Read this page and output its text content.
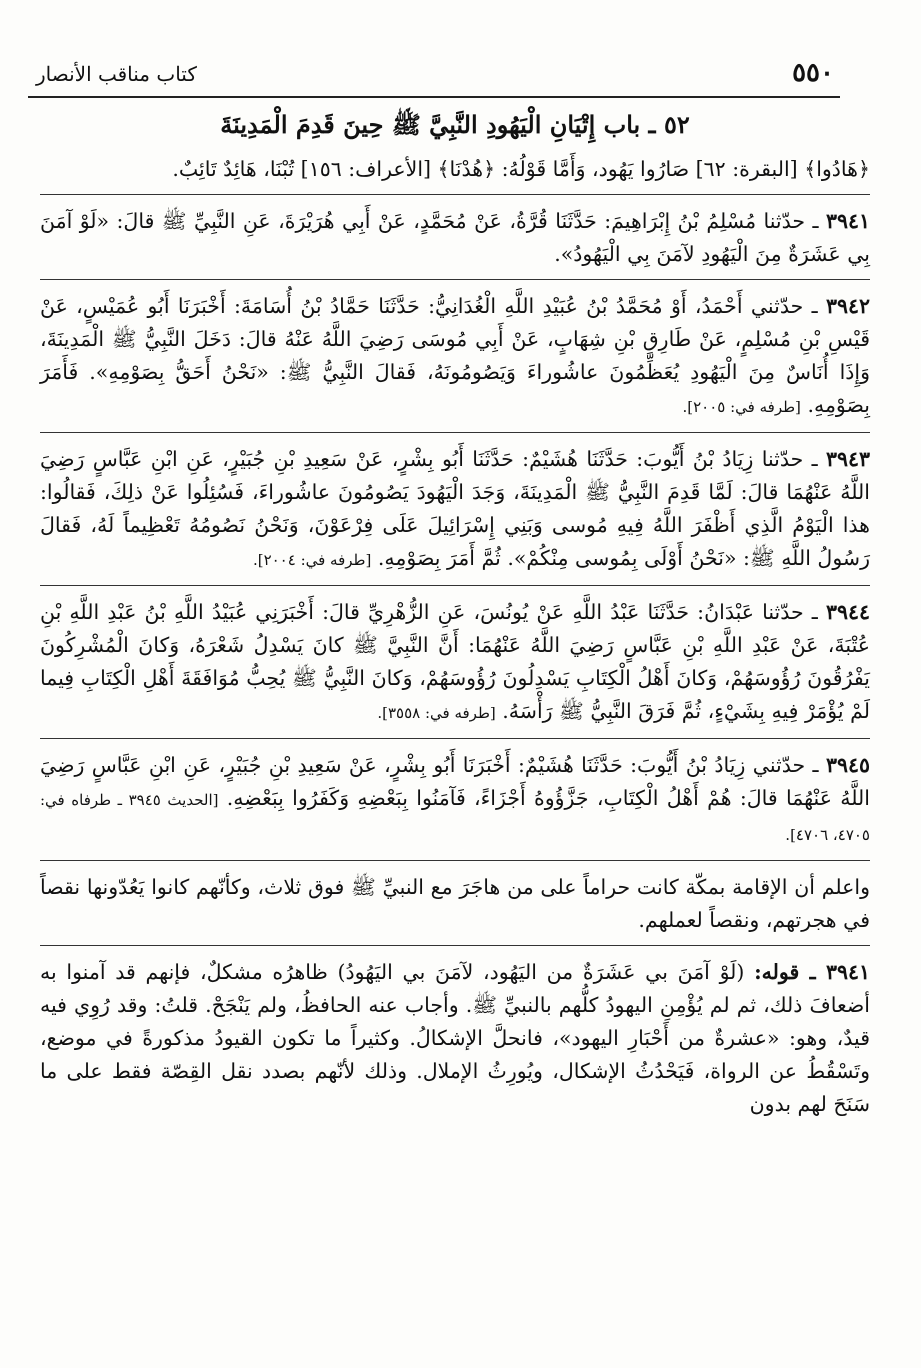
٥٥٠
كتاب مناقب الأنصار
٥٢ ـ باب إِتْيَانِ الْيَهُودِ النَّبِيَّ ﷺ حِينَ قَدِمَ الْمَدِينَةَ

﴿هَادُوا﴾ [البقرة: ٦٢] صَارُوا يَهُود، وَأَمَّا قَوْلُهُ: ﴿هُدْنَا﴾ [الأعراف: ١٥٦] تُبْنَا، هَائِدٌ تَائِبٌ.

٣٩٤١ ـ حدّثنا مُسْلِمُ بْنُ إِبْرَاهِيمَ: حَدَّثَنَا قُرَّةُ، عَنْ مُحَمَّدٍ، عَنْ أَبِي هُرَيْرَةَ، عَنِ النَّبِيِّ ﷺ قالَ: «لَوْ آمَنَ بِي عَشَرَةٌ مِنَ الْيَهُودِ لآمَنَ بِي الْيَهُودُ».

٣٩٤٢ ـ حدّثني أَحْمَدُ، أَوْ مُحَمَّدُ بْنُ عُبَيْدِ اللَّهِ الْغُدَانِيُّ: حَدَّثَنَا حَمَّادُ بْنُ أُسَامَةَ: أَخْبَرَنَا أَبُو عُمَيْسٍ، عَنْ قَيْسِ بْنِ مُسْلِمٍ، عَنْ طَارِقِ بْنِ شِهَابٍ، عَنْ أَبِي مُوسَى رَضِيَ اللَّهُ عَنْهُ قالَ: دَخَلَ النَّبِيُّ ﷺ الْمَدِينَةَ، وَإِذَا أُنَاسٌ مِنَ الْيَهُودِ يُعَظِّمُونَ عاشُوراءَ وَيَصُومُونَهُ، فَقالَ النَّبِيُّ ﷺ: «نَحْنُ أَحَقُّ بِصَوْمِهِ». فَأَمَرَ بِصَوْمِهِ. [طرفه في: ٢٠٠٥].

٣٩٤٣ ـ حدّثنا زِيَادُ بْنُ أَيُّوبَ: حَدَّثَنَا هُشَيْمٌ: حَدَّثَنَا أَبُو بِشْرٍ، عَنْ سَعِيدِ بْنِ جُبَيْرٍ، عَنِ ابْنِ عَبَّاسٍ رَضِيَ اللَّهُ عَنْهُمَا قالَ: لَمَّا قَدِمَ النَّبِيُّ ﷺ الْمَدِينَةَ، وَجَدَ الْيَهُودَ يَصُومُونَ عاشُوراءَ، فَسُئِلُوا عَنْ ذلِكَ، فَقالُوا: هذا الْيَوْمُ الَّذِي أَظْفَرَ اللَّهُ فِيهِ مُوسى وَبَنِي إِسْرَائِيلَ عَلَى فِرْعَوْنَ، وَنَحْنُ نَصُومُهُ تَعْظِيماً لَهُ، فَقالَ رَسُولُ اللَّهِ ﷺ: «نَحْنُ أَوْلَى بِمُوسى مِنْكُمْ». ثُمَّ أَمَرَ بِصَوْمِهِ. [طرفه في: ٢٠٠٤].

٣٩٤٤ ـ حدّثنا عَبْدَانُ: حَدَّثَنَا عَبْدُ اللَّهِ عَنْ يُونُسَ، عَنِ الزُّهْرِيِّ قالَ: أَخْبَرَنِي عُبَيْدُ اللَّهِ بْنُ عَبْدِ اللَّهِ بْنِ عُتْبَةَ، عَنْ عَبْدِ اللَّهِ بْنِ عَبَّاسٍ رَضِيَ اللَّهُ عَنْهُمَا: أَنَّ النَّبِيَّ ﷺ كانَ يَسْدِلُ شَعْرَهُ، وَكانَ الْمُشْرِكُونَ يَفْرُقُونَ رُؤُوسَهُمْ، وَكانَ أَهْلُ الْكِتَابِ يَسْدِلُونَ رُؤُوسَهُمْ، وَكانَ النَّبِيُّ ﷺ يُحِبُّ مُوَافَقَةَ أَهْلِ الْكِتَابِ فِيما لَمْ يُؤْمَرْ فِيهِ بِشَيْءٍ، ثُمَّ فَرَقَ النَّبِيُّ ﷺ رَأْسَهُ. [طرفه في: ٣٥٥٨].

٣٩٤٥ ـ حدّثني زِيَادُ بْنُ أَيُّوبَ: حَدَّثَنَا هُشَيْمٌ: أَخْبَرَنَا أَبُو بِشْرٍ، عَنْ سَعِيدِ بْنِ جُبَيْرٍ، عَنِ ابْنِ عَبَّاسٍ رَضِيَ اللَّهُ عَنْهُمَا قالَ: هُمْ أَهْلُ الْكِتَابِ، جَزَّؤُوهُ أَجْزَاءً، فَآمَنُوا بِبَعْضِهِ وَكَفَرُوا بِبَعْضِهِ. [الحديث ٣٩٤٥ ـ طرفاه في: ٤٧٠٥، ٤٧٠٦].

واعلم أن الإقامة بمكّة كانت حراماً على من هاجَرَ مع النبيِّ ﷺ فوق ثلاث، وكأنّهم كانوا يَعُدّونها نقصاً في هجرتهم، ونقصاً لعملهم.

٣٩٤١ ـ قوله: (لَوْ آمَنَ بي عَشَرَةٌ من اليَهُود، لآمَنَ بي اليَهُودُ) ظاهرُه مشكلٌ، فإنهم قد آمنوا به أضعافَ ذلك، ثم لم يُؤْمِنِ اليهودُ كلُّهم بالنبيِّ ﷺ. وأجاب عنه الحافظُ، ولم يَنْجَحْ. قلتُ: وقد رُوِي فيه قيدٌ، وهو: «عشرةٌ من أَحْبَارِ اليهود»، فانحلَّ الإشكالُ. وكثيراً ما تكون القيودُ مذكورةً في موضع، وتَسْقُطُ عن الرواة، فَيَحْدُثُ الإشكال، ويُورِثُ الإملال. وذلك لأنّهم بصدد نقل القِصّة فقط على ما سَنَحَ لهم بدون
